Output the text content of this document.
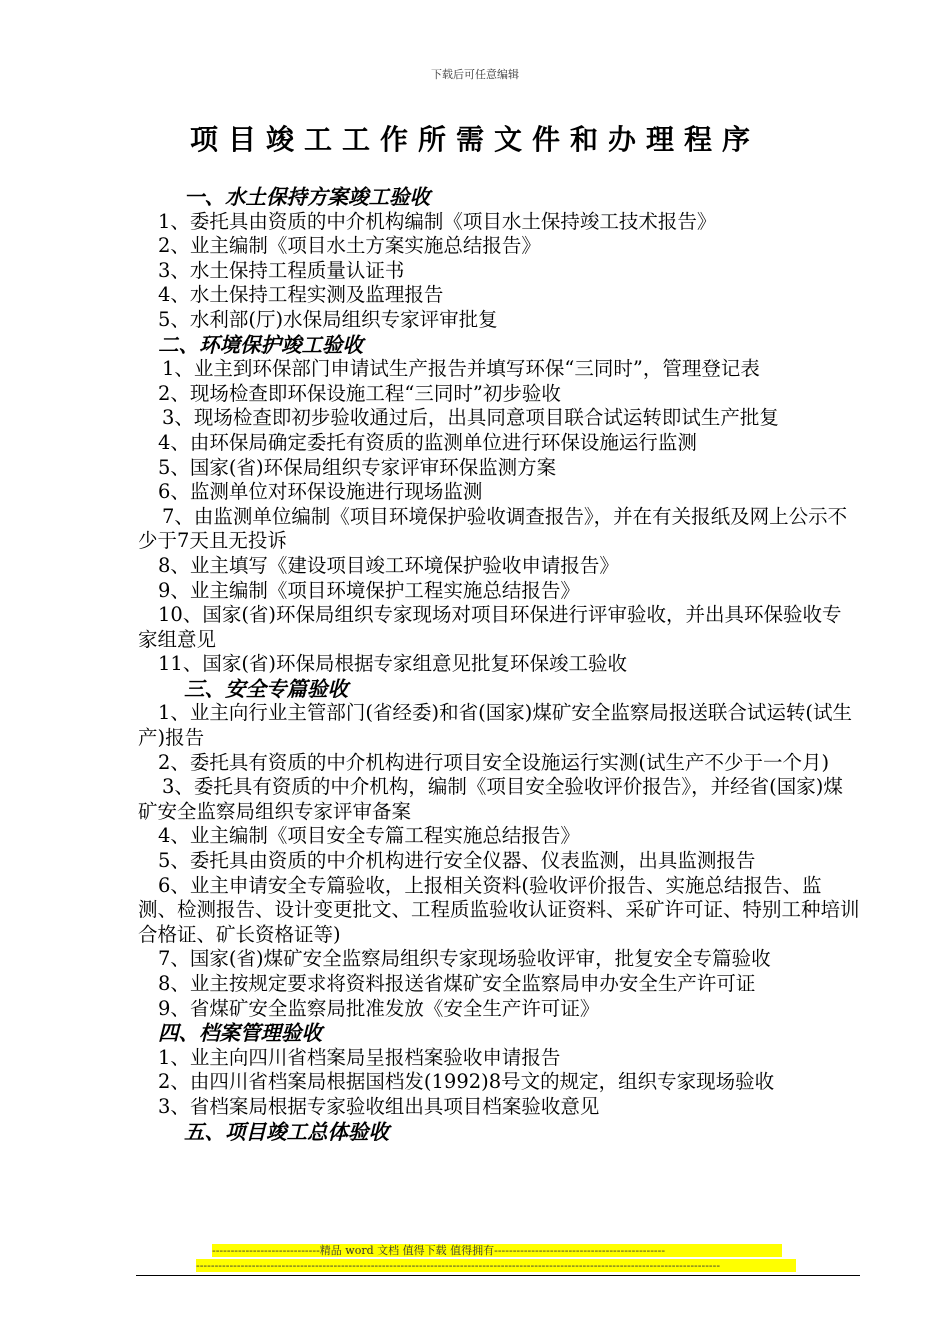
下载后可任意编辑
项目竣工工作所需文件和办理程序

一、水土保持方案竣工验收

1、委托具由资质的中介机构编制《项目水土保持竣工技术报告》

2、业主编制《项目水土方案实施总结报告》

3、水土保持工程质量认证书

4、水土保持工程实测及监理报告

5、水利部(厅)水保局组织专家评审批复

二、环境保护竣工验收

1、业主到环保部门申请试生产报告并填写环保“三同时”，管理登记表

2、现场检查即环保设施工程“三同时”初步验收

3、现场检查即初步验收通过后，出具同意项目联合试运转即试生产批复

4、由环保局确定委托有资质的监测单位进行环保设施运行监测

5、国家(省)环保局组织专家评审环保监测方案

6、监测单位对环保设施进行现场监测

7、由监测单位编制《项目环境保护验收调查报告》，并在有关报纸及网上公示不少于7天且无投诉

8、业主填写《建设项目竣工环境保护验收申请报告》

9、业主编制《项目环境保护工程实施总结报告》

10、国家(省)环保局组织专家现场对项目环保进行评审验收，并出具环保验收专家组意见

11、国家(省)环保局根据专家组意见批复环保竣工验收

三、安全专篇验收

1、业主向行业主管部门(省经委)和省(国家)煤矿安全监察局报送联合试运转(试生产)报告

2、委托具有资质的中介机构进行项目安全设施运行实测(试生产不少于一个月)

3、委托具有资质的中介机构，编制《项目安全验收评价报告》，并经省(国家)煤矿安全监察局组织专家评审备案

4、业主编制《项目安全专篇工程实施总结报告》

5、委托具由资质的中介机构进行安全仪器、仪表监测，出具监测报告

6、业主申请安全专篇验收，上报相关资料(验收评价报告、实施总结报告、监测、检测报告、设计变更批文、工程质监验收认证资料、采矿许可证、特别工种培训合格证、矿长资格证等)

7、国家(省)煤矿安全监察局组织专家现场验收评审，批复安全专篇验收

8、业主按规定要求将资料报送省煤矿安全监察局申办安全生产许可证

9、省煤矿安全监察局批准发放《安全生产许可证》

四、档案管理验收

1、业主向四川省档案局呈报档案验收申请报告

2、由四川省档案局根据国档发(1992)8号文的规定，组织专家现场验收

3、省档案局根据专家验收组出具项目档案验收意见

五、项目竣工总体验收

-----------------------------精品 word 文档 值得下载 值得拥有----------------------------------------------
---------------------------------------------------------------------------------------------------------------------------------------------
